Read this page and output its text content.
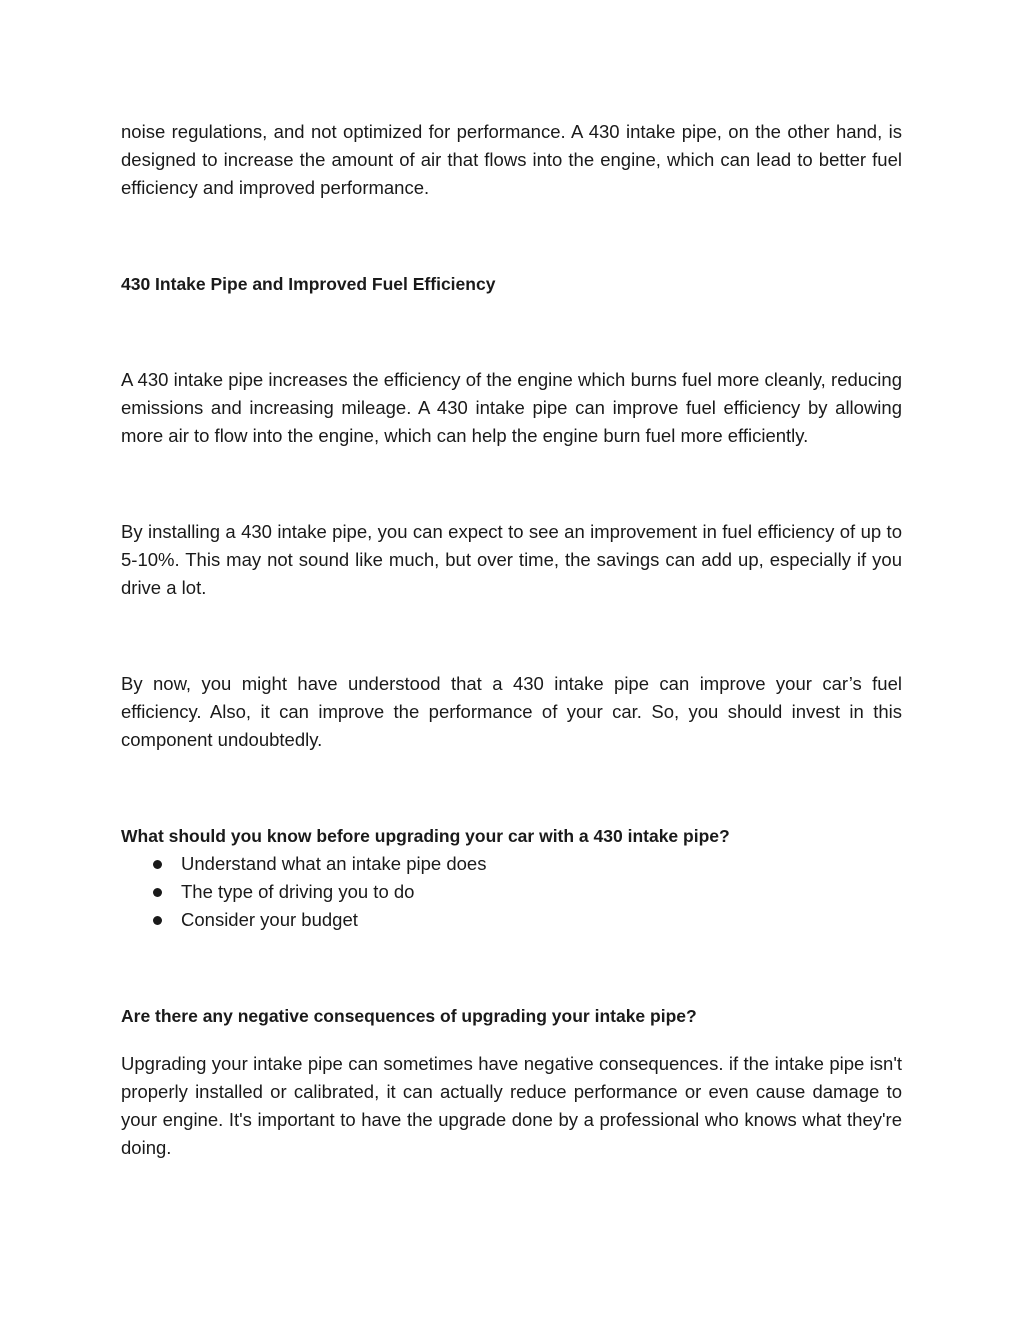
noise regulations, and not optimized for performance. A 430 intake pipe, on the other hand, is designed to increase the amount of air that flows into the engine, which can lead to better fuel efficiency and improved performance.

430 Intake Pipe and Improved Fuel Efficiency

A 430 intake pipe increases the efficiency of the engine which burns fuel more cleanly, reducing emissions and increasing mileage. A 430 intake pipe can improve fuel efficiency by allowing more air to flow into the engine, which can help the engine burn fuel more efficiently.

By installing a 430 intake pipe, you can expect to see an improvement in fuel efficiency of up to 5-10%. This may not sound like much, but over time, the savings can add up, especially if you drive a lot.

By now, you might have understood that a 430 intake pipe can improve your car’s fuel efficiency. Also, it can improve the performance of your car. So, you should invest in this component undoubtedly.

What should you know before upgrading your car with a 430 intake pipe?

Understand what an intake pipe does
The type of driving you to do
Consider your budget

Are there any negative consequences of upgrading your intake pipe?

Upgrading your intake pipe can sometimes have negative consequences. if the intake pipe isn't properly installed or calibrated, it can actually reduce performance or even cause damage to your engine. It's important to have the upgrade done by a professional who knows what they're doing.
